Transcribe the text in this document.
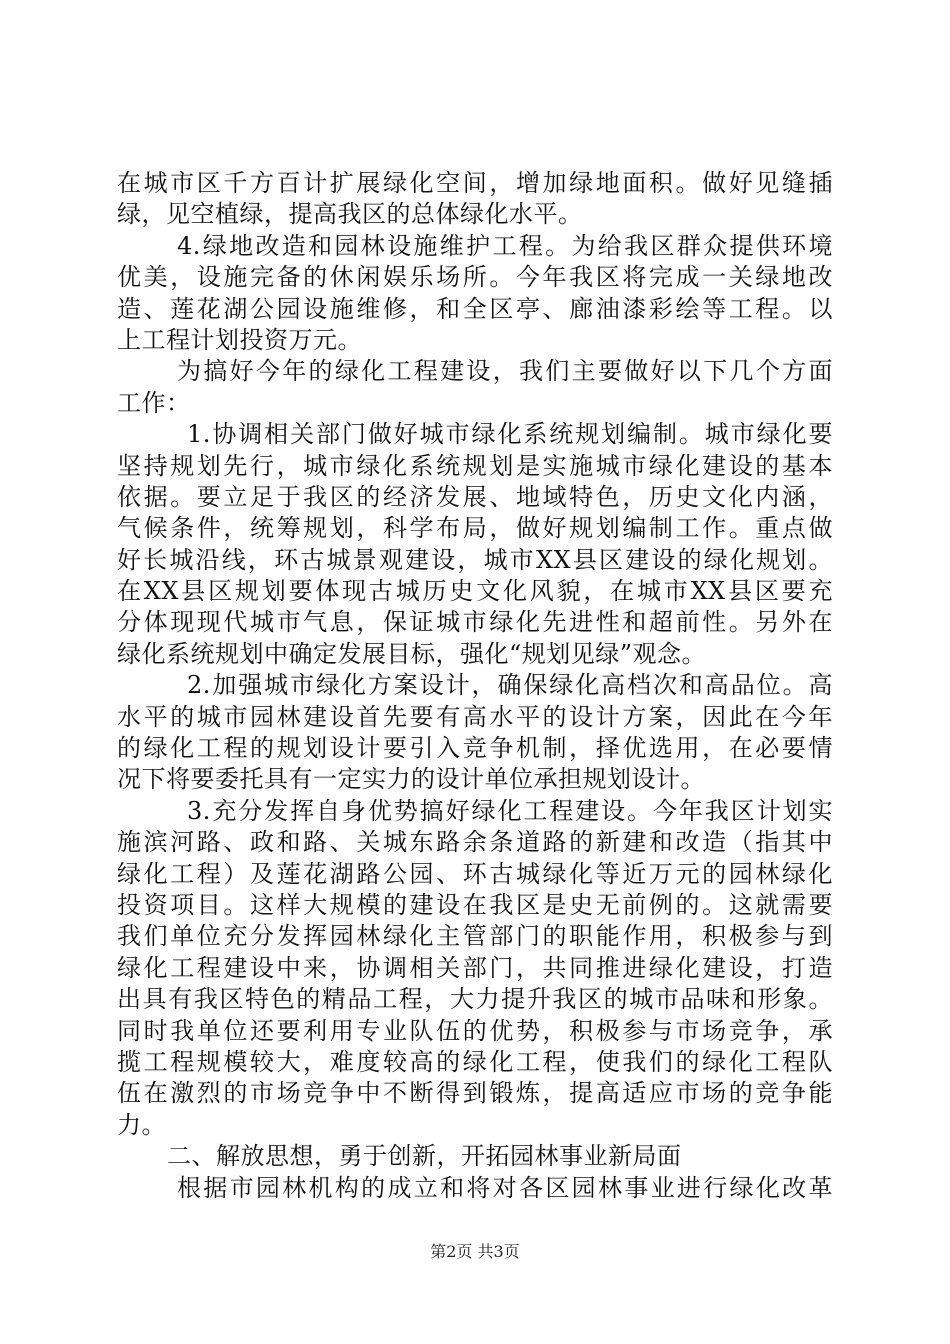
在城市区千方百计扩展绿化空间，增加绿地面积。做好见缝插
绿，见空植绿，提高我区的总体绿化水平。
4.绿地改造和园林设施维护工程。为给我区群众提供环境
优美，设施完备的休闲娱乐场所。今年我区将完成一关绿地改
造、莲花湖公园设施维修，和全区亭、廊油漆彩绘等工程。以
上工程计划投资万元。
为搞好今年的绿化工程建设，我们主要做好以下几个方面
工作：
1.协调相关部门做好城市绿化系统规划编制。城市绿化要
坚持规划先行，城市绿化系统规划是实施城市绿化建设的基本
依据。要立足于我区的经济发展、地域特色，历史文化内涵，
气候条件，统筹规划，科学布局，做好规划编制工作。重点做
好长城沿线，环古城景观建设，城市XX县区建设的绿化规划。
在XX县区规划要体现古城历史文化风貌，在城市XX县区要充
分体现现代城市气息，保证城市绿化先进性和超前性。另外在
绿化系统规划中确定发展目标，强化“规划见绿”观念。
2.加强城市绿化方案设计，确保绿化高档次和高品位。高
水平的城市园林建设首先要有高水平的设计方案，因此在今年
的绿化工程的规划设计要引入竞争机制，择优选用，在必要情
况下将要委托具有一定实力的设计单位承担规划设计。
3.充分发挥自身优势搞好绿化工程建设。今年我区计划实
施滨河路、政和路、关城东路余条道路的新建和改造（指其中
绿化工程）及莲花湖路公园、环古城绿化等近万元的园林绿化
投资项目。这样大规模的建设在我区是史无前例的。这就需要
我们单位充分发挥园林绿化主管部门的职能作用，积极参与到
绿化工程建设中来，协调相关部门，共同推进绿化建设，打造
出具有我区特色的精品工程，大力提升我区的城市品味和形象。
同时我单位还要利用专业队伍的优势，积极参与市场竞争，承
揽工程规模较大，难度较高的绿化工程，使我们的绿化工程队
伍在激烈的市场竞争中不断得到锻炼，提高适应市场的竞争能
力。
二、解放思想，勇于创新，开拓园林事业新局面
根据市园林机构的成立和将对各区园林事业进行绿化改革
第2页 共3页
